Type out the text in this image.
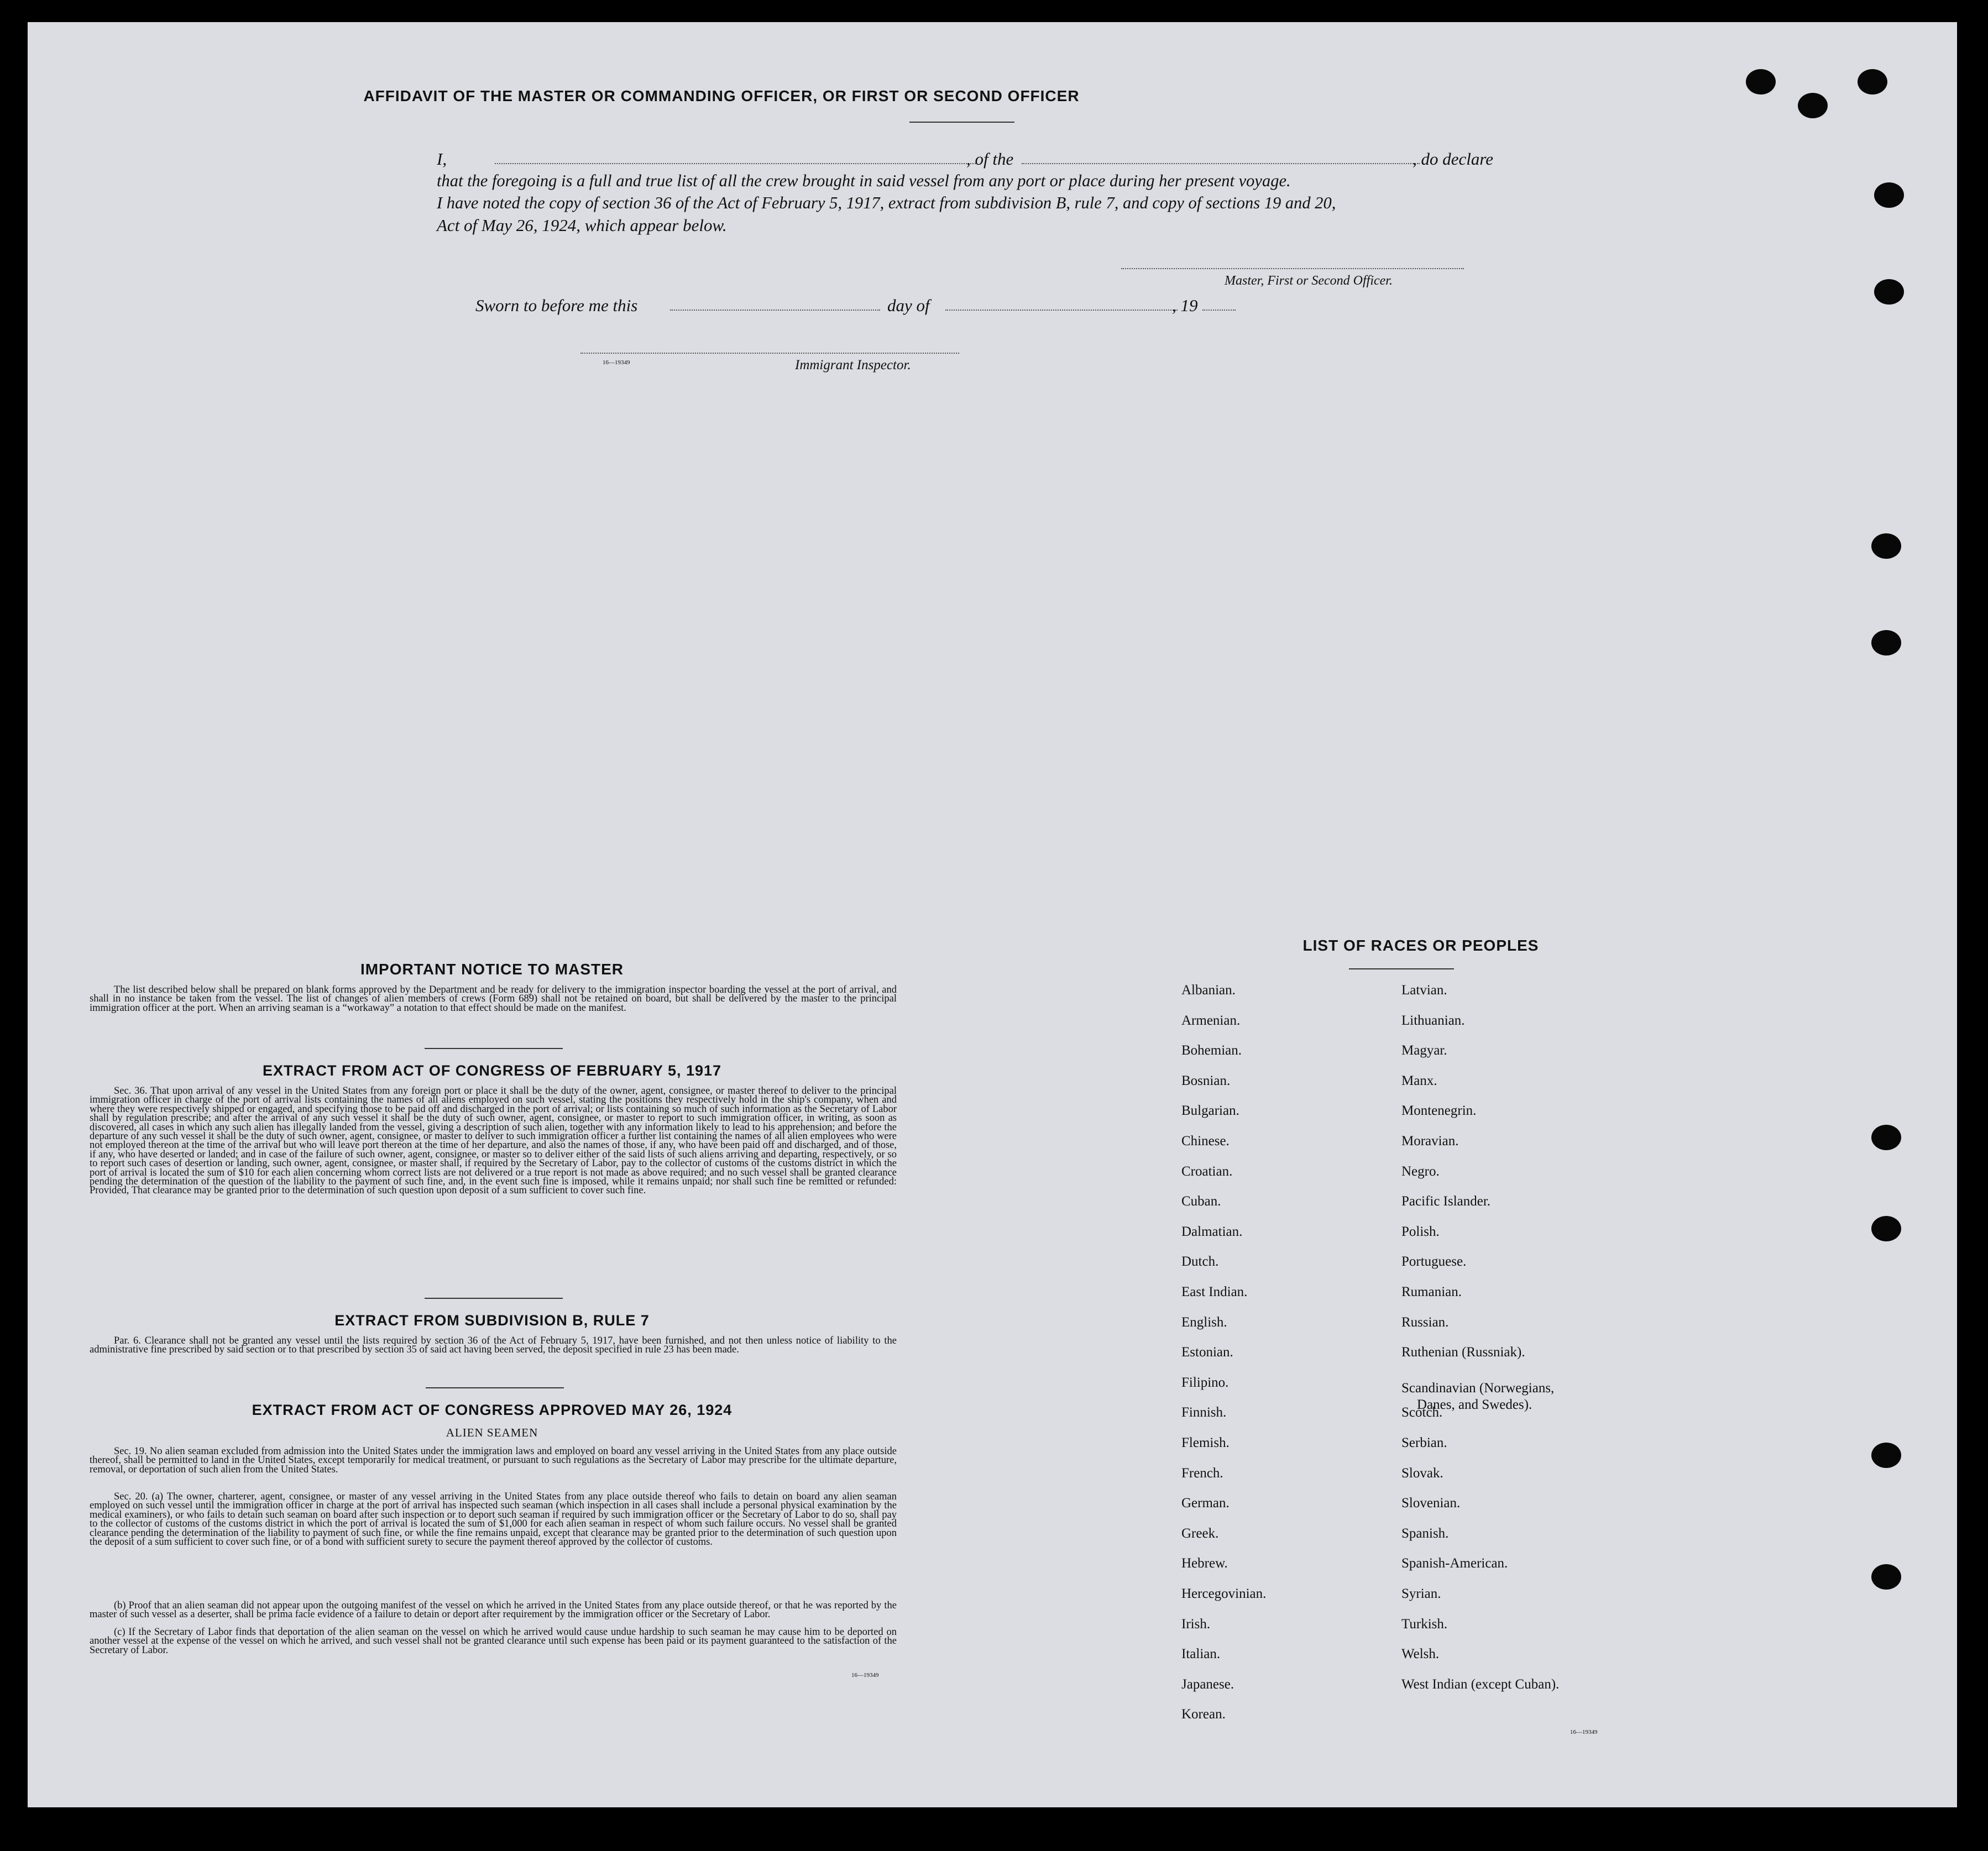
AFFIDAVIT OF THE MASTER OR COMMANDING OFFICER, OR FIRST OR SECOND OFFICER
I,	, of the	, do declare
that the foregoing is a full and true list of all the crew brought in said vessel from any port or place during her present voyage.
I have noted the copy of section 36 of the Act of February 5, 1917, extract from subdivision B, rule 7, and copy of sections 19 and 20,
Act of May 26, 1924, which appear below.
Master, First or Second Officer.
Sworn to before me this	day of	, 19
16—19349	Immigrant Inspector.
IMPORTANT NOTICE TO MASTER
The list described below shall be prepared on blank forms approved by the Department and be ready for delivery to the immigration inspector boarding the vessel at the port of arrival, and shall in no instance be taken from the vessel. The list of changes of alien members of crews (Form 689) shall not be retained on board, but shall be delivered by the master to the principal immigration officer at the port. When an arriving seaman is a “workaway” a notation to that effect should be made on the manifest.
EXTRACT FROM ACT OF CONGRESS OF FEBRUARY 5, 1917
Sec. 36. That upon arrival of any vessel in the United States from any foreign port or place it shall be the duty of the owner, agent, consignee, or master thereof to deliver to the principal immigration officer in charge of the port of arrival lists containing the names of all aliens employed on such vessel, stating the positions they respectively hold in the ship's company, when and where they were respectively shipped or engaged, and specifying those to be paid off and discharged in the port of arrival; or lists containing so much of such information as the Secretary of Labor shall by regulation prescribe; and after the arrival of any such vessel it shall be the duty of such owner, agent, consignee, or master to report to such immigration officer, in writing, as soon as discovered, all cases in which any such alien has illegally landed from the vessel, giving a description of such alien, together with any information likely to lead to his apprehension; and before the departure of any such vessel it shall be the duty of such owner, agent, consignee, or master to deliver to such immigration officer a further list containing the names of all alien employees who were not employed thereon at the time of the arrival but who will leave port thereon at the time of her departure, and also the names of those, if any, who have been paid off and discharged, and of those, if any, who have deserted or landed; and in case of the failure of such owner, agent, consignee, or master so to deliver either of the said lists of such aliens arriving and departing, respectively, or so to report such cases of desertion or landing, such owner, agent, consignee, or master shall, if required by the Secretary of Labor, pay to the collector of customs of the customs district in which the port of arrival is located the sum of $10 for each alien concerning whom correct lists are not delivered or a true report is not made as above required; and no such vessel shall be granted clearance pending the determination of the question of the liability to the payment of such fine, and, in the event such fine is imposed, while it remains unpaid; nor shall such fine be remitted or refunded: Provided, That clearance may be granted prior to the determination of such question upon deposit of a sum sufficient to cover such fine.
EXTRACT FROM SUBDIVISION B, RULE 7
Par. 6. Clearance shall not be granted any vessel until the lists required by section 36 of the Act of February 5, 1917, have been furnished, and not then unless notice of liability to the administrative fine prescribed by said section or to that prescribed by section 35 of said act having been served, the deposit specified in rule 23 has been made.
EXTRACT FROM ACT OF CONGRESS APPROVED MAY 26, 1924
ALIEN SEAMEN
Sec. 19. No alien seaman excluded from admission into the United States under the immigration laws and employed on board any vessel arriving in the United States from any place outside thereof, shall be permitted to land in the United States, except temporarily for medical treatment, or pursuant to such regulations as the Secretary of Labor may prescribe for the ultimate departure, removal, or deportation of such alien from the United States.
Sec. 20. (a) The owner, charterer, agent, consignee, or master of any vessel arriving in the United States from any place outside thereof who fails to detain on board any alien seaman employed on such vessel until the immigration officer in charge at the port of arrival has inspected such seaman (which inspection in all cases shall include a personal physical examination by the medical examiners), or who fails to detain such seaman on board after such inspection or to deport such seaman if required by such immigration officer or the Secretary of Labor to do so, shall pay to the collector of customs of the customs district in which the port of arrival is located the sum of $1,000 for each alien seaman in respect of whom such failure occurs. No vessel shall be granted clearance pending the determination of the liability to payment of such fine, or while the fine remains unpaid, except that clearance may be granted prior to the determination of such question upon the deposit of a sum sufficient to cover such fine, or of a bond with sufficient surety to secure the payment thereof approved by the collector of customs.
(b) Proof that an alien seaman did not appear upon the outgoing manifest of the vessel on which he arrived in the United States from any place outside thereof, or that he was reported by the master of such vessel as a deserter, shall be prima facie evidence of a failure to detain or deport after requirement by the immigration officer or the Secretary of Labor.
(c) If the Secretary of Labor finds that deportation of the alien seaman on the vessel on which he arrived would cause undue hardship to such seaman he may cause him to be deported on another vessel at the expense of the vessel on which he arrived, and such vessel shall not be granted clearance until such expense has been paid or its payment guaranteed to the satisfaction of the Secretary of Labor.
16—19349
LIST OF RACES OR PEOPLES
16—19349
Albanian.
Armenian.
Bohemian.
Bosnian.
Bulgarian.
Chinese.
Croatian.
Cuban.
Dalmatian.
Dutch.
East Indian.
English.
Estonian.
Filipino.
Finnish.
Flemish.
French.
German.
Greek.
Hebrew.
Hercegovinian.
Irish.
Italian.
Japanese.
Korean.
Latvian.
Lithuanian.
Magyar.
Manx.
Montenegrin.
Moravian.
Negro.
Pacific Islander.
Polish.
Portuguese.
Rumanian.
Russian.
Ruthenian (Russniak).
Scandinavian (Norwegians,
Danes, and Swedes).
Scotch.
Serbian.
Slovak.
Slovenian.
Spanish.
Spanish-American.
Syrian.
Turkish.
Welsh.
West Indian (except Cuban).
